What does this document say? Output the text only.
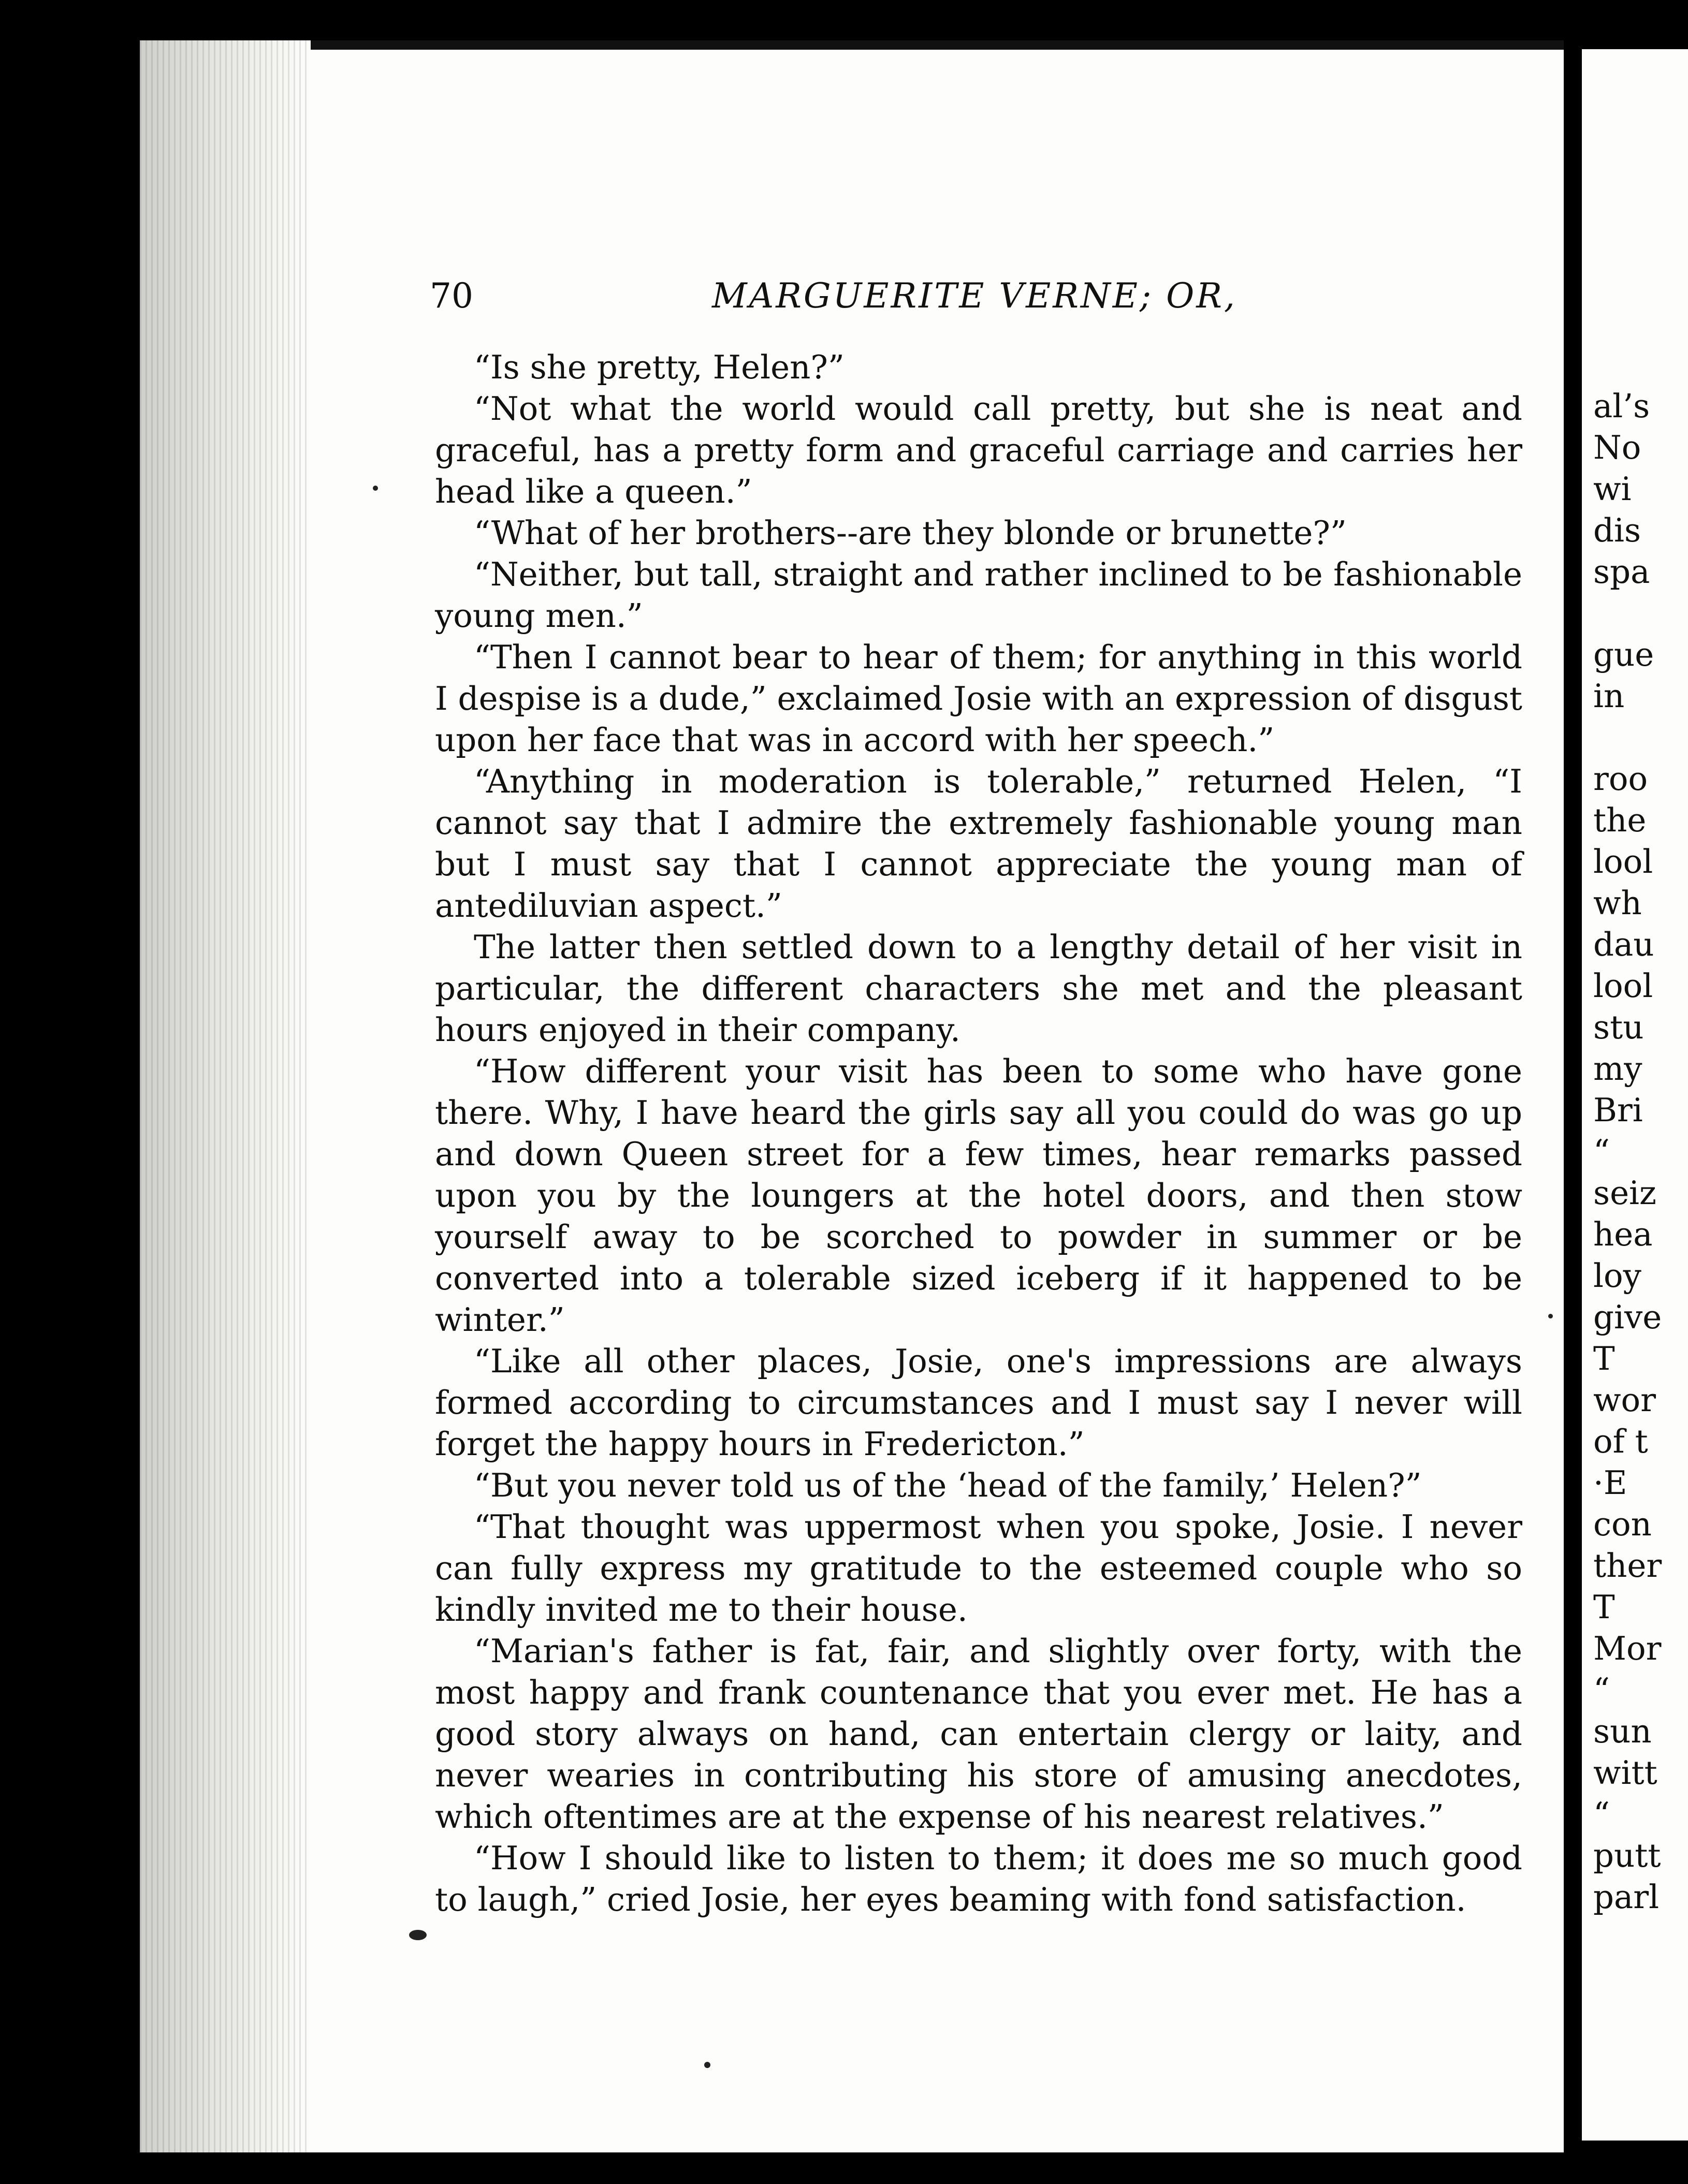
70	MARGUERITE VERNE; OR,

“Is she pretty, Helen?”

“Not what the world would call pretty, but she is neat and graceful, has a pretty form and graceful carriage and carries her head like a queen.”

“What of her brothers--are they blonde or brunette?”

“Neither, but tall, straight and rather inclined to be fashionable young men.”

“Then I cannot bear to hear of them; for anything in this world I despise is a dude,” exclaimed Josie with an expression of disgust upon her face that was in accord with her speech.”

“Anything in moderation is tolerable,” returned Helen, “I cannot say that I admire the extremely fashionable young man but I must say that I cannot appreciate the young man of antediluvian aspect.”

The latter then settled down to a lengthy detail of her visit in particular, the different characters she met and the pleasant hours enjoyed in their company.

“How different your visit has been to some who have gone there. Why, I have heard the girls say all you could do was go up and down Queen street for a few times, hear remarks passed upon you by the loungers at the hotel doors, and then stow yourself away to be scorched to powder in summer or be converted into a tolerable sized iceberg if it happened to be winter.”

“Like all other places, Josie, one's impressions are always formed according to circumstances and I must say I never will forget the happy hours in Fredericton.”

“But you never told us of the ‘head of the family,’ Helen?”

“That thought was uppermost when you spoke, Josie. I never can fully express my gratitude to the esteemed couple who so kindly invited me to their house.

“Marian's father is fat, fair, and slightly over forty, with the most happy and frank countenance that you ever met. He has a good story always on hand, can entertain clergy or laity, and never wearies in contributing his store of amusing anecdotes, which oftentimes are at the expense of his nearest relatives.”

“How I should like to listen to them; it does me so much good to laugh,” cried Josie, her eyes beaming with fond satisfaction.

al’s
No
wi
dis
spa
gue
in
roo
the
lool
wh
dau
lool
stu
my
Bri
“
seiz
hea
loy
give
T
wor
of t
·E
con
ther
T
Mor
“
sun
witt
“
putt
parl
